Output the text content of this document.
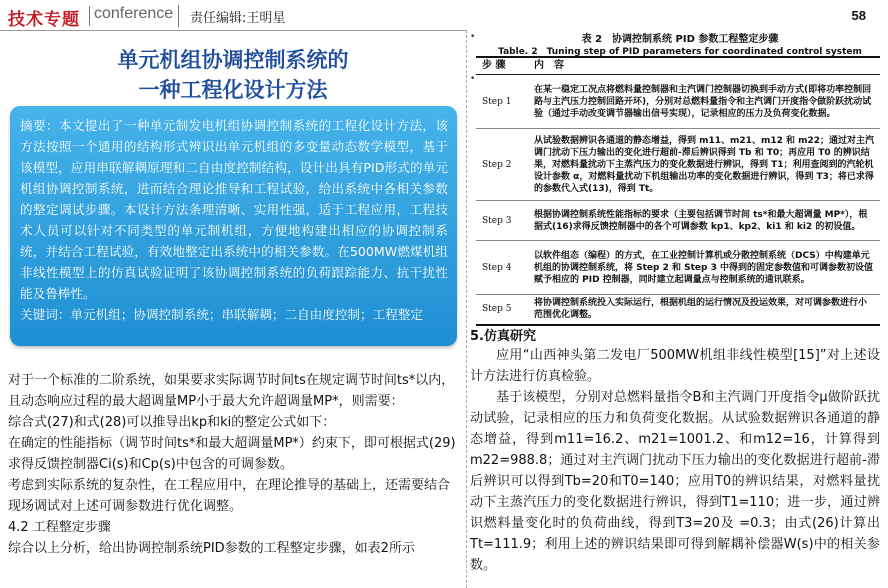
技术专题 conference 责任编辑:王明星	58
•

•
单元机组协调控制系统的
一种工程化设计方法
摘要：本文提出了一种单元制发电机组协调控制系统的工程化设计方法，该方法按照一个通用的结构形式辨识出单元机组的多变量动态数学模型，基于该模型，应用串联解耦原理和二自由度控制结构，设计出具有PID形式的单元机组协调控制系统，进而结合理论推导和工程试验，给出系统中各相关参数的整定调试步骤。本设计方法条理清晰、实用性强，适于工程应用，工程技术人员可以针对不同类型的单元制机组，方便地构建出相应的协调控制系统，并结合工程试验，有效地整定出系统中的相关参数。在500MW燃煤机组非线性模型上的仿真试验证明了该协调控制系统的负荷跟踪能力、抗干扰性能及鲁棒性。
关键词：单元机组；协调控制系统；串联解耦；二自由度控制；工程整定

对于一个标准的二阶系统，如果要求实际调节时间ts在规定调节时间ts*以内，且动态响应过程的最大超调量MP小于最大允许超调量MP*，则需要：

综合式(27)和式(28)可以推导出kp和ki的整定公式如下：

在确定的性能指标（调节时间ts*和最大超调量MP*）约束下，即可根据式(29)求得反馈控制器Ci(s)和Cp(s)中包含的可调参数。

考虑到实际系统的复杂性，在工程应用中，在理论推导的基础上，还需要结合现场调试对上述可调参数进行优化调整。

4.2 工程整定步骤

综合以上分析，给出协调控制系统PID参数的工程整定步骤，如表2所示

表 2　协调控制系统 PID 参数工程整定步骤
Table. 2　Tuning step of PID parameters for coordinated control system
步 骤	内　容
Step 1	在某一稳定工况点将燃料量控制器和主汽调门控制器切换到手动方式(即将功率控制回路与主汽压力控制回路开环)，分别对总燃料量指令和主汽调门开度指令做阶跃扰动试验（通过手动改变调节器输出信号实现），记录相应的压力及负荷变化数据。
Step 2	从试验数据辨识各通道的静态增益，得到 m11、m21、m12 和 m22；通过对主汽调门扰动下压力输出的变化进行超前-滞后辨识得到 Tb 和 T0；再应用 T0 的辨识结果，对燃料量扰动下主蒸汽压力的变化数据进行辨识，得到 T1；利用查阅到的汽轮机设计参数 α，对燃料量扰动下机组输出功率的变化数据进行辨识，得到 T3；将已求得的参数代入式(13)，得到 Tt。
Step 3	根据协调控制系统性能指标的要求（主要包括调节时间 ts*和最大超调量 MP*），根据式(16)求得反馈控制器中的各个可调参数 kp1、kp2、ki1 和 ki2 的初设值。
Step 4	以软件组态（编程）的方式，在工业控制计算机或分散控制系统（DCS）中构建单元机组的协调控制系统，将 Step 2 和 Step 3 中得到的固定参数值和可调参数初设值赋予相应的 PID 控制器，同时建立起调量点与控制系统的通讯联系。
Step 5	将协调控制系统投入实际运行，根据机组的运行情况及投运效果，对可调参数进行小范围优化调整。
5.仿真研究

应用“山西神头第二发电厂500MW机组非线性模型[15]”对上述设计方法进行仿真检验。

基于该模型，分别对总燃料量指令B和主汽调门开度指令μ做阶跃扰动试验，记录相应的压力和负荷变化数据。从试验数据辨识各通道的静态增益，得到m11=16.2、m21=1001.2、和m12=16，计算得到m22=988.8；通过对主汽调门扰动下压力输出的变化数据进行超前-滞后辨识可以得到Tb=20和T0=140；应用T0的辨识结果，对燃料量扰动下主蒸汽压力的变化数据进行辨识，得到T1=110；进一步，通过辨识燃料量变化时的负荷曲线，得到T3=20及 =0.3；由式(26)计算出Tt=111.9；利用上述的辨识结果即可得到解耦补偿器W(s)中的相关参数。
